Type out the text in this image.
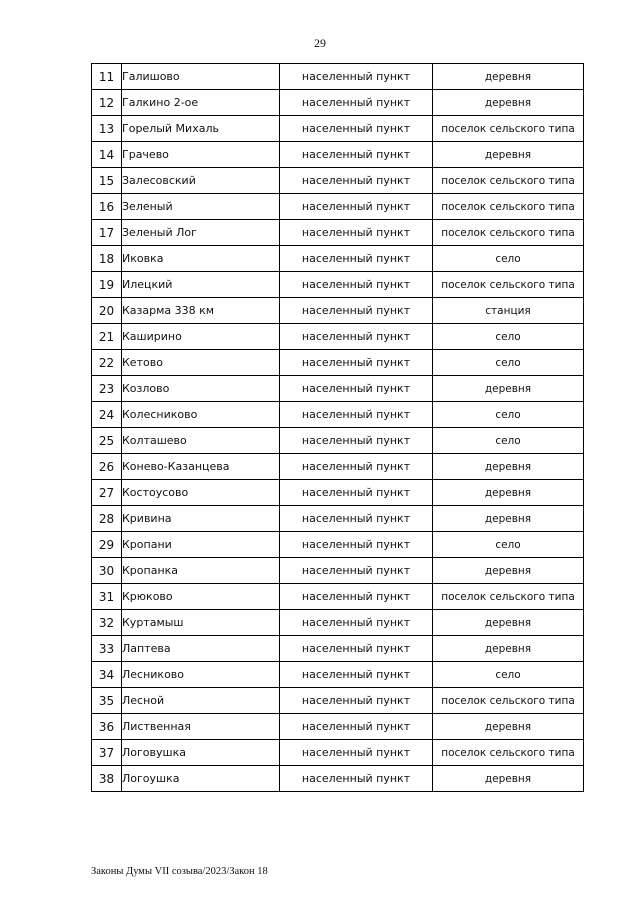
29
11	Галишово	населенный пункт	деревня
12	Галкино 2-ое	населенный пункт	деревня
13	Горелый Михаль	населенный пункт	поселок сельского типа
14	Грачево	населенный пункт	деревня
15	Залесовский	населенный пункт	поселок сельского типа
16	Зеленый	населенный пункт	поселок сельского типа
17	Зеленый Лог	населенный пункт	поселок сельского типа
18	Иковка	населенный пункт	село
19	Илецкий	населенный пункт	поселок сельского типа
20	Казарма 338 км	населенный пункт	станция
21	Каширино	населенный пункт	село
22	Кетово	населенный пункт	село
23	Козлово	населенный пункт	деревня
24	Колесниково	населенный пункт	село
25	Колташево	населенный пункт	село
26	Конево-Казанцева	населенный пункт	деревня
27	Костоусово	населенный пункт	деревня
28	Кривина	населенный пункт	деревня
29	Кропани	населенный пункт	село
30	Кропанка	населенный пункт	деревня
31	Крюково	населенный пункт	поселок сельского типа
32	Куртамыш	населенный пункт	деревня
33	Лаптева	населенный пункт	деревня
34	Лесниково	населенный пункт	село
35	Лесной	населенный пункт	поселок сельского типа
36	Лиственная	населенный пункт	деревня
37	Логовушка	населенный пункт	поселок сельского типа
38	Логоушка	населенный пункт	деревня
Законы Думы VII созыва/2023/Закон 18
